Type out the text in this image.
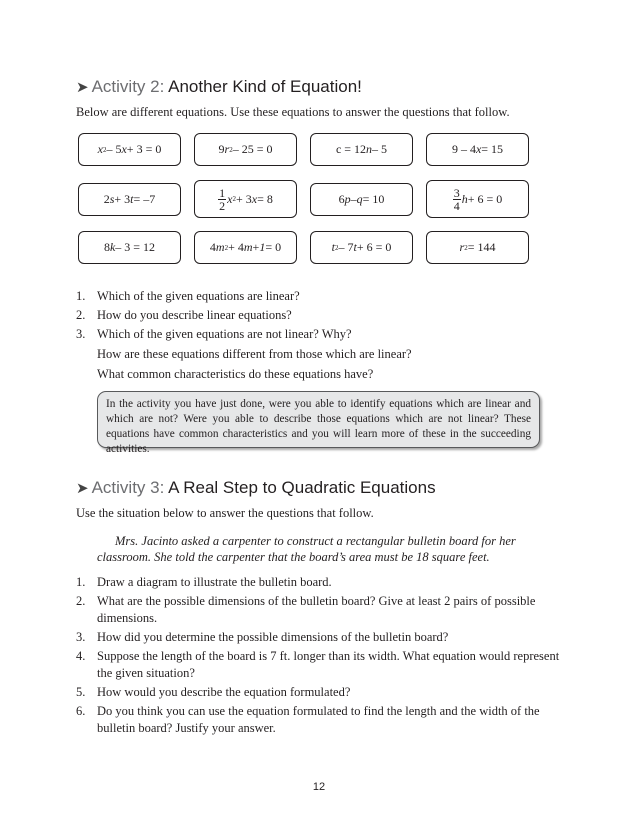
➤ Activity 2: Another Kind of Equation!
Below are different equations. Use these equations to answer the questions that follow.
x 2 – 5 x + 3 = 0	9 r 2 – 25 = 0	c = 12 n – 5	9 – 4 x = 15
2 s + 3 t = –7	$\frac{1}{2}$ x 2 + 3 x = 8	6 p – q = 10	$\frac{3}{4}$ h + 6 = 0
8 k – 3 = 12	4 m 2 + 4 m + 1 = 0	t 2 – 7 t + 6 = 0	r 2 = 144
1. Which of the given equations are linear?
2. How do you describe linear equations?
3. Which of the given equations are not linear? Why?
How are these equations different from those which are linear?
What common characteristics do these equations have?
In the activity you have just done, were you able to identify equations which are linear and which are not? Were you able to describe those equations which are not linear? These equations have common characteristics and you will learn more of these in the succeeding activities.
➤ Activity 3: A Real Step to Quadratic Equations
Use the situation below to answer the questions that follow.
Mrs. Jacinto asked a carpenter to construct a rectangular bulletin board for her classroom. She told the carpenter that the board’s area must be 18 square feet.
1. Draw a diagram to illustrate the bulletin board.
2. What are the possible dimensions of the bulletin board? Give at least 2 pairs of possible dimensions.
3. How did you determine the possible dimensions of the bulletin board?
4. Suppose the length of the board is 7 ft. longer than its width. What equation would represent the given situation?
5. How would you describe the equation formulated?
6. Do you think you can use the equation formulated to find the length and the width of the bulletin board? Justify your answer.
12
